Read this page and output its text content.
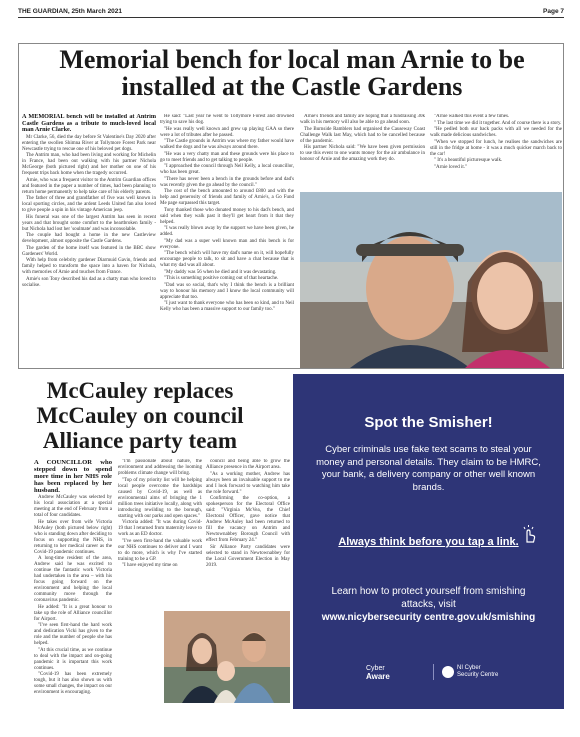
THE GUARDIAN, 25th March 2021	Page 7
Memorial bench for local man Arnie to be installed at the Castle Gardens

A MEMORIAL bench will be installed at Antrim Castle Gardens as a tribute to much-loved local man Arnie Clarke.

Mr Clarke, 56, died the day before St Valentine's Day 2020 after entering the swollen Shimna River at Tollymore Forest Park near Newcastle trying to rescue one of his beloved pet dogs.

The Antrim man, who had been living and working for Michelin in France, had been out walking with his partner Nichola McGeorge (both pictured right) and her mother on one of his frequent trips back home when the tragedy occurred.

Arnie, who was a frequent visitor to the Antrim Guardian offices and featured in the paper a number of times, had been planning to return home permanently to help take care of his elderly parents.

The father of three and grandfather of five was well known in local sporting circles, and the ardent Leeds United fan also loved to give people a spin in his vintage American jeep.

His funeral was one of the largest Antrim has seen in recent years and that brought some comfort to the heartbroken family - but Nichola had lost her 'soulmate' and was inconsolable.

The couple had bought a home in the new Castleview development, almost opposite the Castle Gardens.

The garden of the home itself was featured in the BBC show Gardeners' World.

With help from celebrity gardener Diarmuid Gavin, friends and family helped to transform the space into a haven for Nichola, with memories of Arnie and touches from France.

Arnie's son Tony described his dad as a chatty man who loved to socialise.

He said: "Last year he went to Tollymore Forest and drowned trying to save his dog.

"He was really well known and grew up playing GAA so there were a lot of tributes after he passed.

"The Castle grounds in Antrim was where my father would have walked the dogs and he was always around there.

"He was a very chatty man and these grounds were his place to go to meet friends and to get talking to people.

"I approached the council through Neil Kelly, a local councillor, who has been great.

"There has never been a bench in the grounds before and dad's was recently given the go ahead by the council."

The cost of the bench amounted to around £800 and with the help and generosity of friends and family of Arnie's, a Go Fund Me page surpassed this target.

Tony thanked those who donated money to his dad's bench, and said when they walk past it they'll get heart from it that they helped.

"I was really blown away by the support we have been given, he added.

"My dad was a super well known man and this bench is for everyone.

"The bench which will have my dad's name on it, will hopefully encourage people to talk, to sit and have a chat because that is what my dad was all about.

"My daddy was 56 when he died and it was devastating.

"This is something positive coming out of that heartache.

"Dad was so social, that's why I think the bench is a brilliant way to honour his memory and I know the local community will appreciate that too.

"I just want to thank everyone who has been so kind, and to Neil Kelly who has been a massive support to our family too."

Arnie's friends and family are hoping that a fundraising 30k walk in his memory will also be able to go ahead soon.

The Burnside Ramblers had organised the Causeway Coast Challenge Walk last May, which had to be cancelled because of the pandemic.

His partner Nichola said: "We have been given permission to use this event to one wants money for the air ambulance in honour of Arnie and the amazing work they do.

"Arnie walked this event a few times.

" The last time we did it together. And of course there is a story.

"He pedled both our back packs with all we needed for the walk made delicious sandwiches.

"When we stopped for lunch, he realises the sandwiches are still in the fridge at home - it was a much quicker march back to the car!

" It's a beautiful picturesque walk.

"Arnie loved it."

McCauley replaces McCauley on council Alliance party team

A COUNCILLOR who stepped down to spend more time in her NHS role has been replaced by her husband.

Andrew McCauley was selected by his local association at a special meeting at the end of February from a total of four candidates.

He takes over from wife Victoria McAuley (both pictured below right) who is standing down after deciding to focus on supporting the NHS, in returning to her medical career as the Covid-19 pandemic continues.

A long-time resident of the area, Andrew said he was excited to continue the fantastic work Victoria had undertaken in the area – with his focus going forward on the environment and helping the local community move through the coronavirus pandemic.

He added: "It is a great honour to take up the role of Alliance councillor for Airport.

"I've seen first-hand the hard work and dedication Vicki has given to the role and the number of people she has helped.

"At this crucial time, as we continue to deal with the impact and on-going pandemic it is important this work continues.

"Covid-19 has been extremely tough, but it has also shown us with some small changes, the impact on our environment is encouraging.

"I'm passionate about nature, the environment and addressing the looming problems climate change will bring.

"Top of my priority list will be helping local people overcome the hardships caused by Covid-19, as well as environmental aims of bringing the 1 million trees initiative locally, along with introducing rewilding to the borough, starting with our parks and open spaces."

Victoria added: "It was during Covid-19 that I returned from maternity leave to work as an ED doctor.

"I've seen first-hand the valuable work our NHS continues to deliver and I want to do more, which is why I've started training to be a GP.

"I have enjoyed my time on

council and being able to grow the Alliance presence in the Airport area.

"As a working mother, Andrew has always been an invaluable support to me and I look forward to watching him take the role forward."

Confirming the co-option, a spokesperson for the Electoral Office said: "Virginia McVea, the Chief Electoral Officer, gave notice that Andrew McAuley had been returned to fill the vacancy on Antrim and Newtownabbey Borough Council with effect from February 24."

Sir Alliance Party candidates were selected to stand in Newtownabbey for the Local Government Election in May 2019.

Spot the Smisher!
Cyber criminals use fake text scams to steal your money and personal details. They claim to be HMRC, your bank, a delivery company or other well known brands.
Always think before you tap a link.
Learn how to protect yourself from smishing attacks, visit
www.nicybersecurity centre.gov.uk/smishing
Cyber
Aware
NI Cyber
Security Centre
